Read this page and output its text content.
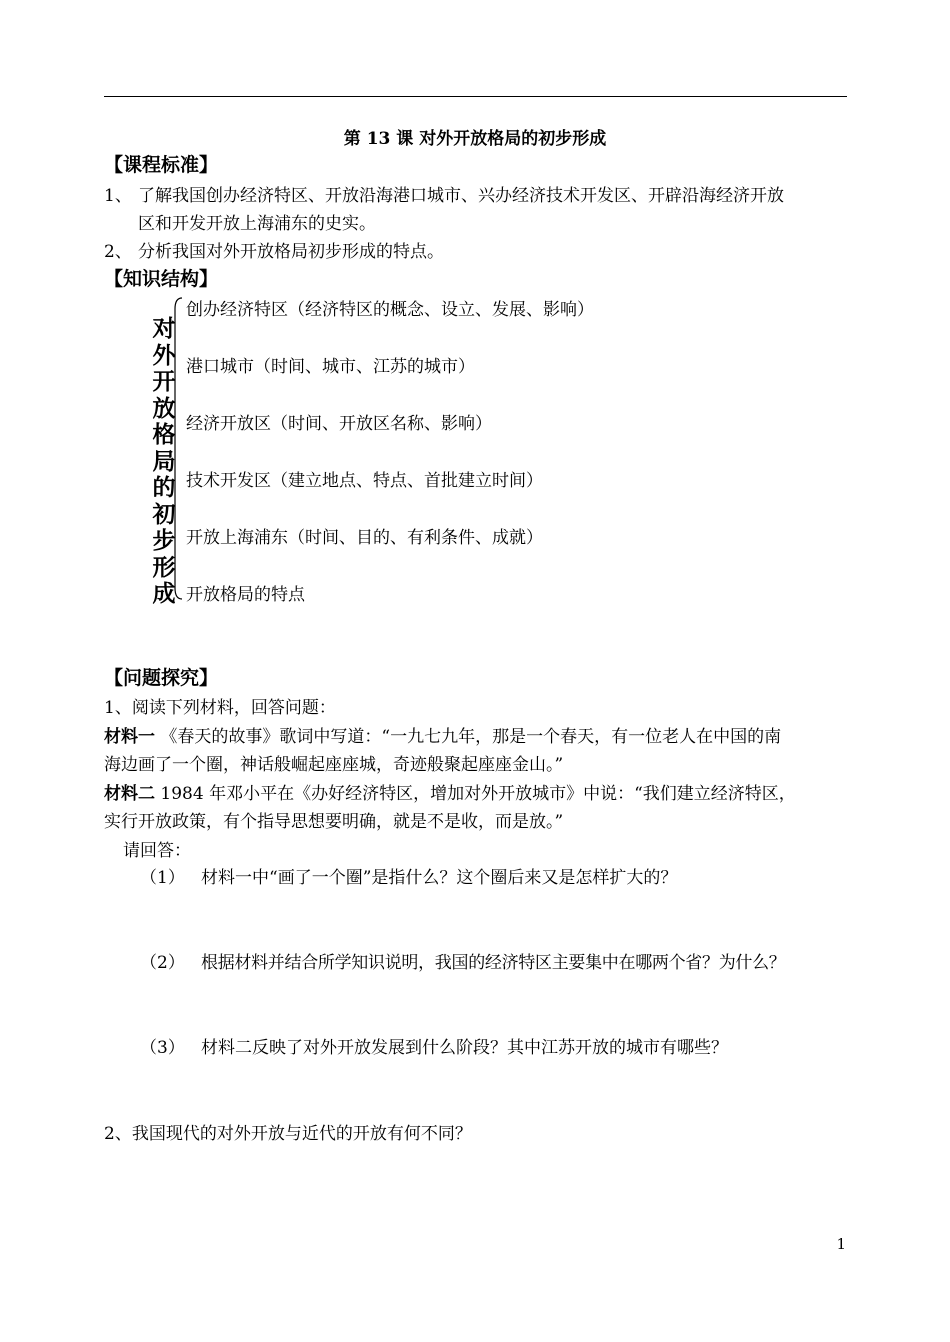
第 13 课 对外开放格局的初步形成
【课程标准】
1、 了解我国创办经济特区、开放沿海港口城市、兴办经济技术开发区、开辟沿海经济开放
区和开发开放上海浦东的史实。
2、 分析我国对外开放格局初步形成的特点。
【知识结构】
对
外
开
放
格
局
的
初
步
形
成
创办经济特区（经济特区的概念、设立、发展、影响）
港口城市（时间、城市、江苏的城市）
经济开放区（时间、开放区名称、影响）
技术开发区（建立地点、特点、首批建立时间）
开放上海浦东（时间、目的、有利条件、成就）
开放格局的特点
【问题探究】
1、阅读下列材料，回答问题：
材料一 《春天的故事》歌词中写道：“一九七九年，那是一个春天，有一位老人在中国的南
海边画了一个圈，神话般崛起座座城，奇迹般聚起座座金山。”
材料二 1984 年邓小平在《办好经济特区，增加对外开放城市》中说：“我们建立经济特区，
实行开放政策，有个指导思想要明确，就是不是收，而是放。”
请回答：
（1） 材料一中“画了一个圈”是指什么？这个圈后来又是怎样扩大的？
（2） 根据材料并结合所学知识说明，我国的经济特区主要集中在哪两个省？为什么？
（3） 材料二反映了对外开放发展到什么阶段？其中江苏开放的城市有哪些？
2、我国现代的对外开放与近代的开放有何不同？
1
